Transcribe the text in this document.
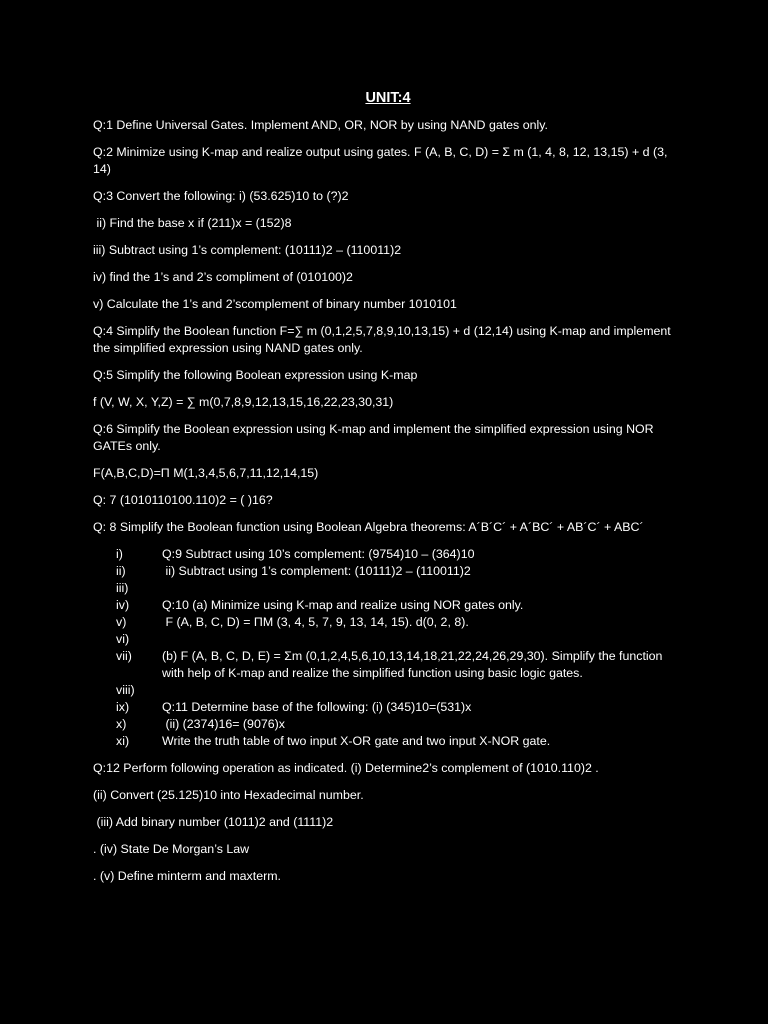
UNIT:4
Q:1 Define Universal Gates. Implement AND, OR, NOR by using NAND gates only.
Q:2 Minimize using K-map and realize output using gates. F (A, B, C, D) = Σ m (1, 4, 8, 12, 13,15) + d (3, 14)
Q:3 Convert the following: i) (53.625)10 to (?)2
ii) Find the base x if (211)x = (152)8
iii) Subtract using 1’s complement: (10111)2 – (110011)2
iv) find the 1’s and 2’s compliment of (010100)2
v) Calculate the 1’s and 2’scomplement of binary number 1010101
Q:4 Simplify the Boolean function F=∑ m (0,1,2,5,7,8,9,10,13,15) + d (12,14) using K-map and implement the simplified expression using NAND gates only.
Q:5 Simplify the following Boolean expression using K-map
f (V, W, X, Y,Z) = ∑ m(0,7,8,9,12,13,15,16,22,23,30,31)
Q:6 Simplify the Boolean expression using K-map and implement the simplified expression using NOR GATEs only.
F(A,B,C,D)=Π M(1,3,4,5,6,7,11,12,14,15)
Q: 7 (1010110100.110)2 = ( )16?
Q: 8 Simplify the Boolean function using Boolean Algebra theorems: A´B´C´ + A´BC´ + AB´C´ + ABC´
i)	Q:9 Subtract using 10’s complement: (9754)10 – (364)10
ii)	ii) Subtract using 1’s complement: (10111)2 – (110011)2
iii)
iv)	Q:10 (a) Minimize using K-map and realize using NOR gates only.
v)	F (A, B, C, D) = ΠM (3, 4, 5, 7, 9, 13, 14, 15). d(0, 2, 8).
vi)
vii)	(b) F (A, B, C, D, E) = Σm (0,1,2,4,5,6,10,13,14,18,21,22,24,26,29,30). Simplify the function with help of K-map and realize the simplified function using basic logic gates.
viii)
ix)	Q:11 Determine base of the following: (i) (345)10=(531)x
x)	(ii) (2374)16= (9076)x
xi)	Write the truth table of two input X-OR gate and two input X-NOR gate.
Q:12 Perform following operation as indicated. (i) Determine2’s complement of (1010.110)2 .
(ii) Convert (25.125)10 into Hexadecimal number.
(iii) Add binary number (1011)2 and (1111)2
. (iv) State De Morgan’s Law
. (v) Define minterm and maxterm.
